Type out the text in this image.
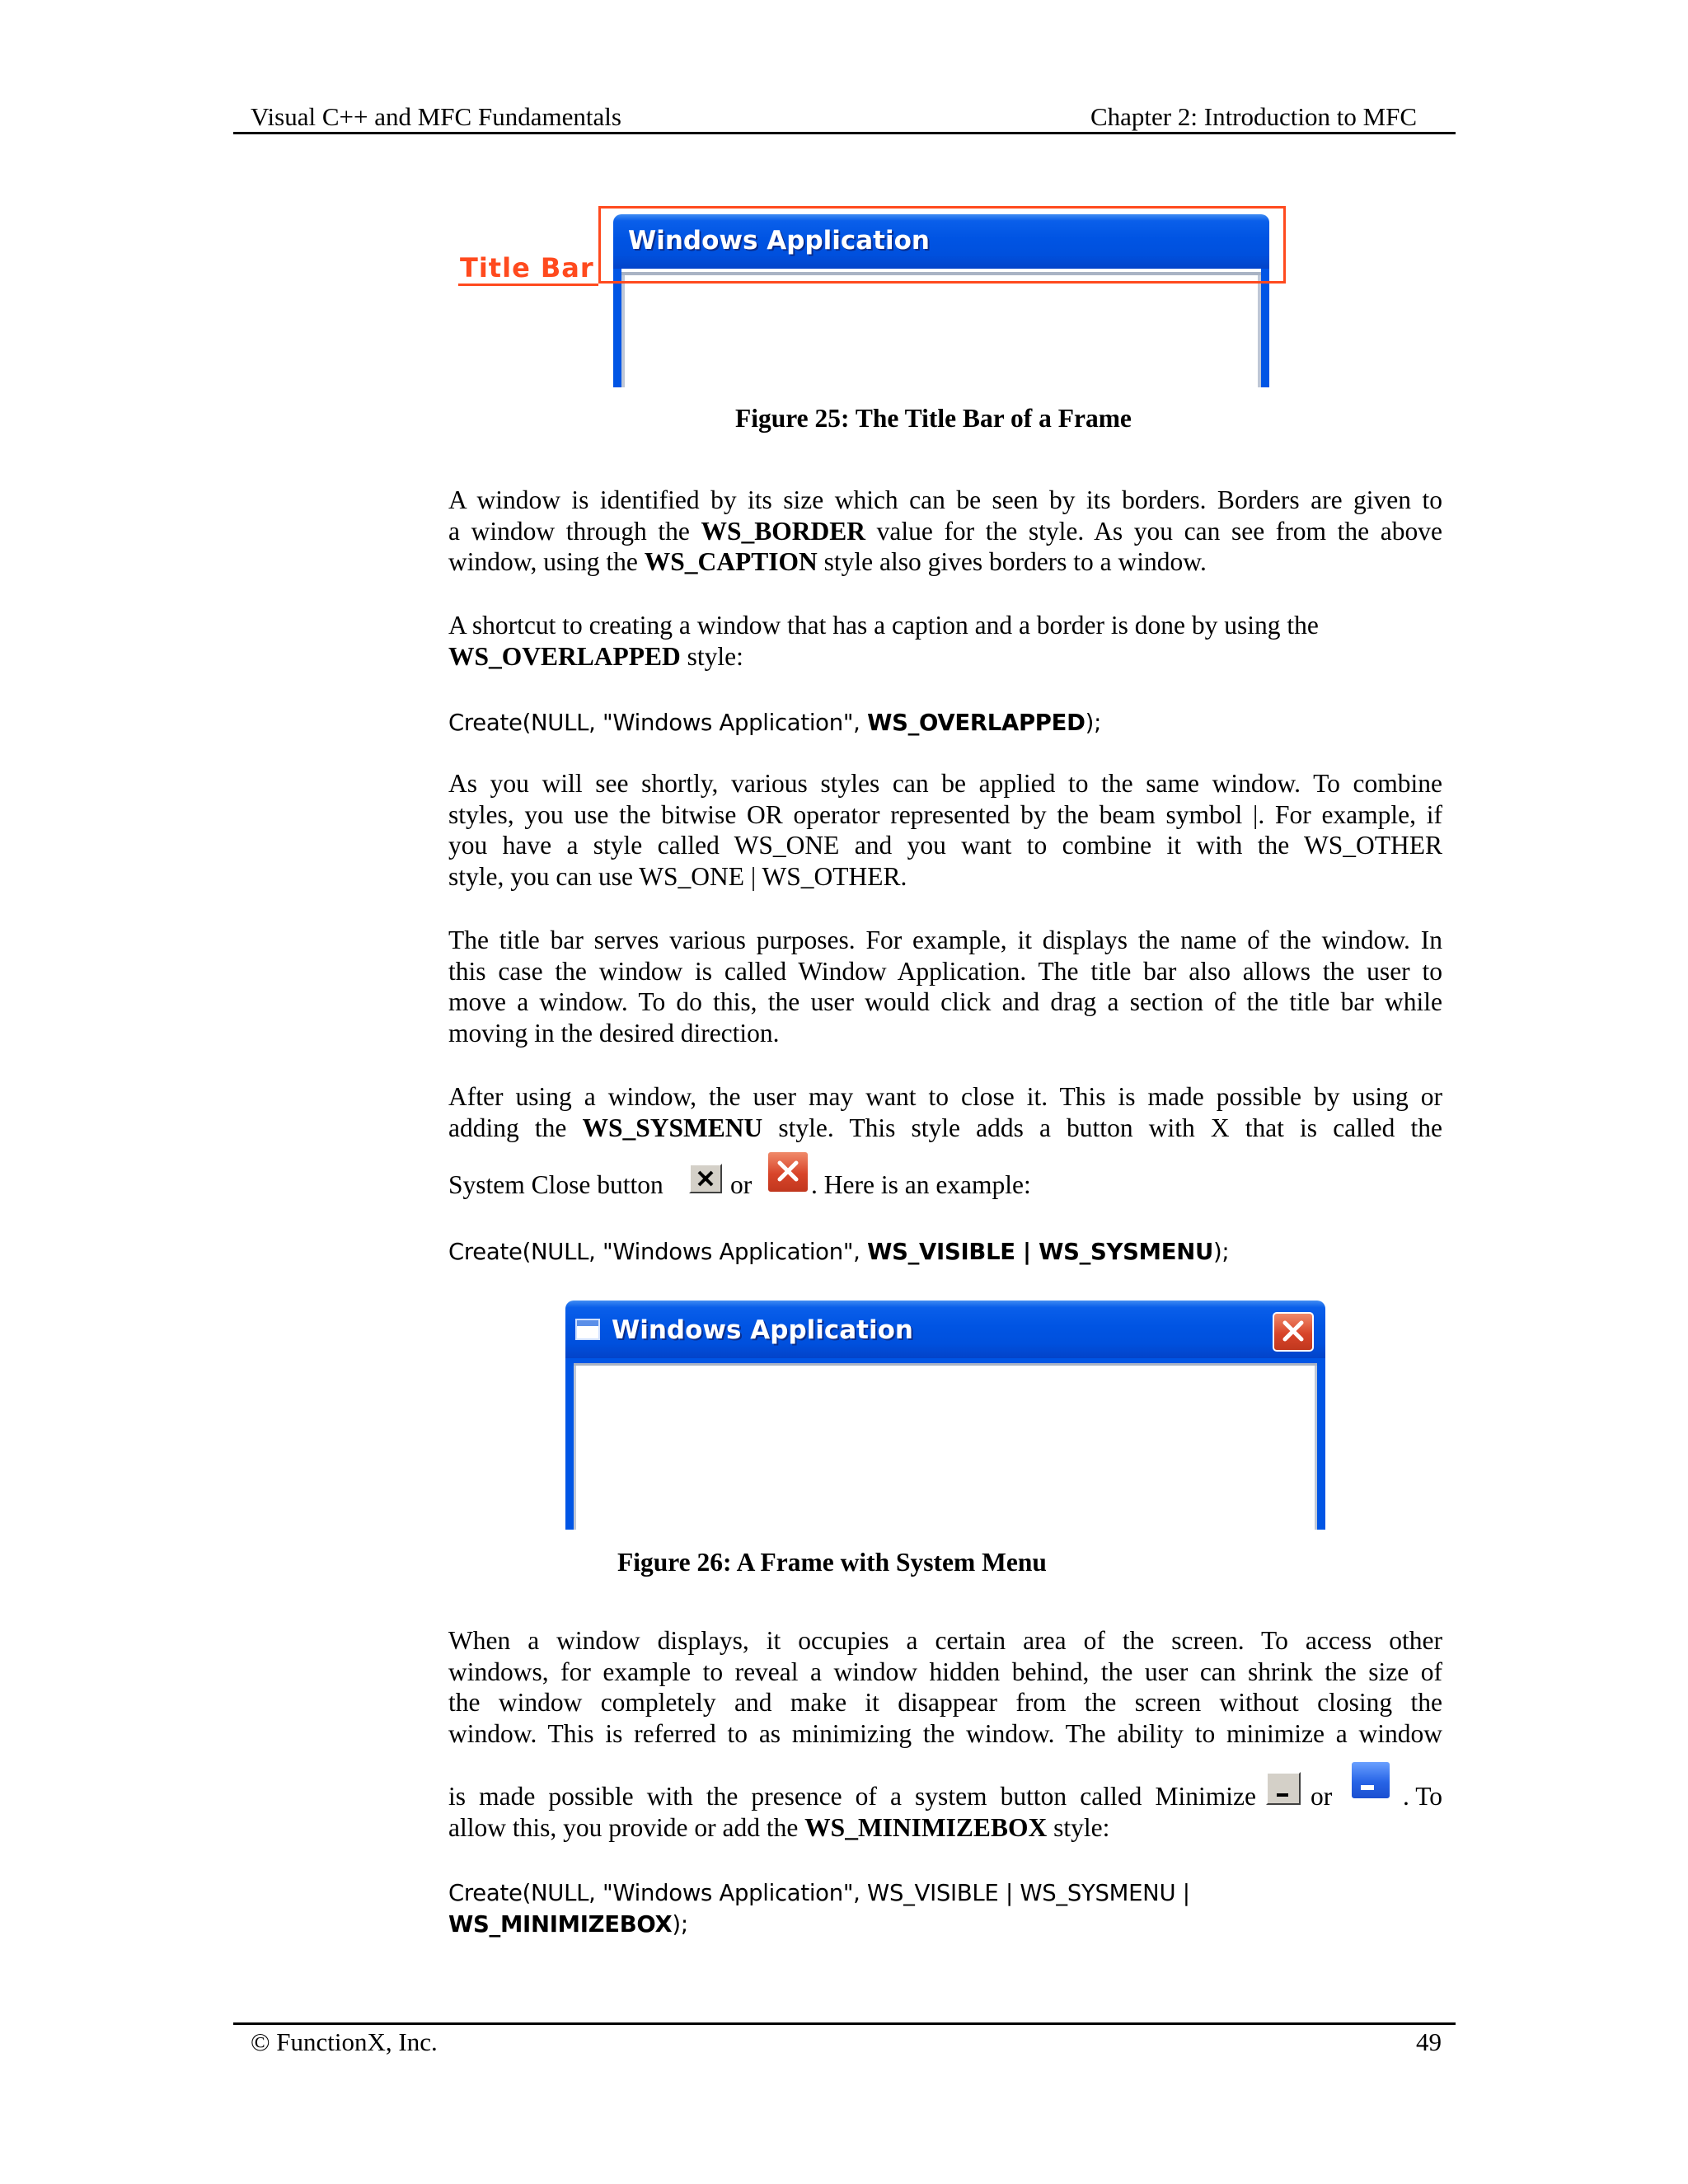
Visual C++ and MFC Fundamentals	Chapter 2: Introduction to MFC
Title Bar
Windows Application
Figure 25: The Title Bar of a Frame
A window is identified by its size which can be seen by its borders. Borders are given to
a window through the WS_BORDER value for the style. As you can see from the above
window, using the WS_CAPTION style also gives borders to a window.
A shortcut to creating a window that has a caption and a border is done by using the
WS_OVERLAPPED style:
Create(NULL, "Windows Application", WS_OVERLAPPED);
As you will see shortly, various styles can be applied to the same window. To combine
styles, you use the bitwise OR operator represented by the beam symbol |. For example, if
you have a style called WS_ONE and you want to combine it with the WS_OTHER
style, you can use WS_ONE | WS_OTHER.
The title bar serves various purposes. For example, it displays the name of the window. In
this case the window is called Window Application. The title bar also allows the user to
move a window. To do this, the user would click and drag a section of the title bar while
moving in the desired direction.
After using a window, the user may want to close it. This is made possible by using or
adding the WS_SYSMENU style. This style adds a button with X that is called the
System Close button	or . Here is an example:
Create(NULL, "Windows Application", WS_VISIBLE | WS_SYSMENU);
Windows Application
Figure 26: A Frame with System Menu
When a window displays, it occupies a certain area of the screen. To access other
windows, for example to reveal a window hidden behind, the user can shrink the size of
the window completely and make it disappear from the screen without closing the
window. This is referred to as minimizing the window. The ability to minimize a window
is made possible with the presence of a system button called Minimize or	. To
allow this, you provide or add the WS_MINIMIZEBOX style:
Create(NULL, "Windows Application", WS_VISIBLE | WS_SYSMENU |
WS_MINIMIZEBOX);
© FunctionX, Inc.	49
